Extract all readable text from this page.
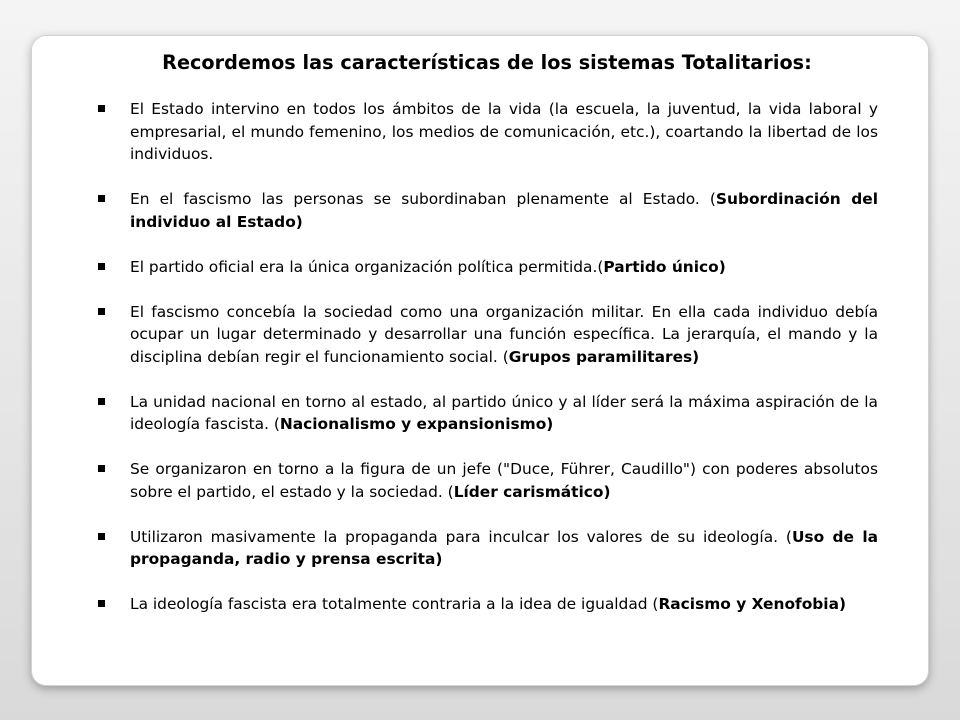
Recordemos las características de los sistemas Totalitarios:
El Estado intervino en todos los ámbitos de la vida (la escuela, la juventud, la vida laboral y empresarial, el mundo femenino, los medios de comunicación, etc.), coartando la libertad de los individuos.
En el fascismo las personas se subordinaban plenamente al Estado. (Subordinación del individuo al Estado)
El partido oficial era la única organización política permitida.(Partido único)
El fascismo concebía la sociedad como una organización militar. En ella cada individuo debía ocupar un lugar determinado y desarrollar una función específica. La jerarquía, el mando y la disciplina debían regir el funcionamiento social. (Grupos paramilitares)
La unidad nacional en torno al estado, al partido único y al líder será la máxima aspiración de la ideología fascista. (Nacionalismo y expansionismo)
Se organizaron en torno a la figura de un jefe ("Duce, Führer, Caudillo") con poderes absolutos sobre el partido, el estado y la sociedad. (Líder carismático)
Utilizaron masivamente la propaganda para inculcar los valores de su ideología. (Uso de la propaganda, radio y prensa escrita)
La ideología fascista era totalmente contraria a la idea de igualdad (Racismo y Xenofobia)
